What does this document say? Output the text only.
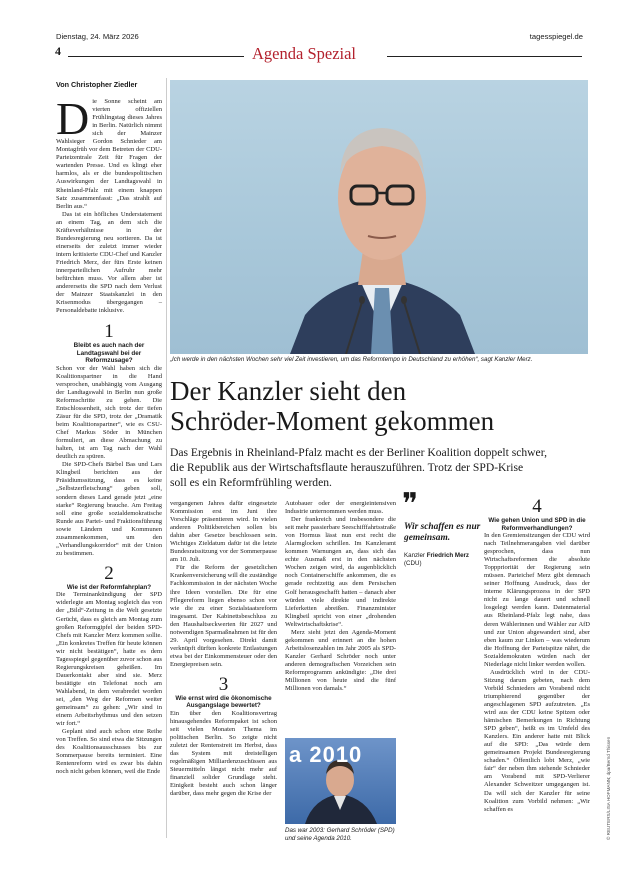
Dienstag, 24. März 2026	tagesspiegel.de
4	Agenda Spezial
Von Christopher Ziedler
D ie Sonne scheint am vierten offiziellen Frühlingstag dieses Jahres in Berlin. Natürlich nimmt sich der Mainzer Wahlsieger Gordon Schnieder am Montagfrüh vor dem Betreten der CDU-Parteizentrale Zeit für Fragen der wartenden Presse. Und es klingt eher harmlos, als er die bundespolitischen Auswirkungen der Landtagswahl in Rheinland-Pfalz mit einem knappen Satz zusammenfasst: „Das strahlt auf Berlin aus.“

Das ist ein höfliches Understatement an einem Tag, an dem sich die Kräfteverhältnisse in der Bundesregierung neu sortieren. Da ist einerseits der zuletzt immer wieder intern kritisierte CDU-Chef und Kanzler Friedrich Merz, der fürs Erste keinen innerparteilichen Aufruhr mehr befürchten muss. Vor allem aber ist andererseits die SPD nach dem Verlust der Mainzer Staatskanzlei in den Krisenmodus übergegangen – Personaldebatte inklusive.

1
Bleibt es auch nach der Landtagswahl bei der Reformzusage?

Schon vor der Wahl haben sich die Koalitionspartner in die Hand versprochen, unabhängig vom Ausgang der Landtagswahl in Berlin nun große Reformschritte zu gehen. Die Entschlossenheit, sich trotz der tiefen Zäsur für die SPD, trotz der „Dramatik beim Koalitionspartner“, wie es CSU-Chef Markus Söder in München formuliert, an diese Abmachung zu halten, ist am Tag nach der Wahl deutlich zu spüren.

Die SPD-Chefs Bärbel Bas und Lars Klingbeil berichten aus der Präsidiumssitzung, dass es keine „Selbstzerfleischung“ geben soll, sondern dieses Land gerade jetzt „eine starke“ Regierung brauche. Am Freitag soll eine große sozialdemokratische Runde aus Partei- und Fraktionsführung sowie Ländern und Kommunen zusammenkommen, um den „Verhandlungskorridor“ mit der Union zu bestimmen.

2
Wie ist der Reformfahrplan?

Die Terminankündigung der SPD widerlegte am Montag sogleich das von der „Bild“-Zeitung in die Welt gesetzte Gerücht, dass es gleich am Montag zum großen Reformgipfel der beiden SPD-Chefs mit Kanzler Merz kommen sollte. „Ein konkretes Treffen für heute können wir nicht bestätigen“, hatte es dem Tagesspiegel gegenüber zuvor schon aus Regierungskreisen geheißen. Im Dauerkontakt aber sind sie. Merz bestätigte ein Telefonat noch am Wahlabend, in dem verabredet worden sei, „den Weg der Reformen weiter gemeinsam“ zu gehen: „Wir sind in einem Arbeitsrhythmus und den setzen wir fort.“

Geplant sind auch schon eine Reihe von Treffen. So sind etwa die Sitzungen des Koalitionsausschusses bis zur Sommerpause bereits terminiert. Eine Rentenreform wird es zwar bis dahin noch nicht geben können, weil die Ende

„Ich werde in den nächsten Wochen sehr viel Zeit investieren, um das Reformtempo in Deutschland zu erhöhen“, sagt Kanzler Merz.
© REUTERS/LISA HOFMANN; dpa/Bernd Thissen
Der Kanzler sieht den
Schröder-Moment gekommen
Das Ergebnis in Rheinland-Pfalz macht es der Berliner Koalition doppelt schwer,
die Republik aus der Wirtschaftsflaute herauszuführen. Trotz der SPD-Krise
soll es ein Reformfrühling werden.

vergangenen Jahres dafür eingesetzte Kommission erst im Juni ihre Vorschläge präsentieren wird. In vielen anderen Politikbereichen sollen bis dahin aber Gesetze beschlossen sein. Wichtiges Zieldatum dafür ist die letzte Bundesratssitzung vor der Sommerpause am 10. Juli.

Für die Reform der gesetzlichen Krankenversicherung will die zuständige Fachkommission in der nächsten Woche ihre Ideen vorstellen. Die für eine Pflegereform liegen ebenso schon vor wie die zu einer Sozialstaatsreform insgesamt. Der Kabinettsbeschluss zu den Haushaltseckwerten für 2027 und notwendigen Sparmaßnahmen ist für den 29. April vorgesehen. Direkt damit verknüpft dürften konkrete Entlastungen etwa bei der Einkommensteuer oder den Energiepreisen sein.

3
Wie ernst wird die ökonomische Ausgangslage bewertet?

Ein über den Koalitionsvertrag hinausgehendes Reformpaket ist schon seit vielen Monaten Thema im politischen Berlin. So zeigte nicht zuletzt der Rentenstreit im Herbst, dass das System mit dreistelligen regelmäßigen Milliardenzuschüssen aus Steuermitteln längst nicht mehr auf finanziell solider Grundlage steht. Einigkeit besteht auch schon länger darüber, dass mehr gegen die Krise der

Autobauer oder der energieintensiven Industrie unternommen werden muss.

Der frankreich und insbesondere die seit mehr passierbare Seeschifffahrtsstraße von Hormus lässt nun erst recht die Alarmglocken schrillen. Im Kanzleramt kommen Warnungen an, dass sich das echte Ausmaß erst in den nächsten Wochen zeigen wird, da augenblicklich noch Containerschiffe ankommen, die es gerade rechtzeitig aus dem Persischen Golf herausgeschafft hatten – danach aber würden viele direkte und indirekte Lieferketten abreißen. Finanzminister Klingbeil spricht von einer „drohenden Weltwirtschaftskrise“.

Merz sieht jetzt den Agenda-Moment gekommen und erinnert an die hohen Arbeitslosenzahlen im Jahr 2005 als SPD-Kanzler Gerhard Schröder noch unter anderen demografischen Vorzeichen sein Reformprogramm ankündigte: „Die drei Millionen von heute sind die fünf Millionen von damals.“

a 2010
Das war 2003: Gerhard Schröder (SPD) und seine Agenda 2010.
❞
Wir schaffen es nur gemeinsam.
Kanzler Friedrich Merz
(CDU)
4
Wie gehen Union und SPD in die Reformverhandlungen?

In den Gremiensitzungen der CDU wird nach Teilnehmerangaben viel darüber gesprochen, dass nun Wirtschaftsreformen die absolute Topppriorität der Regierung sein müssen. Parteichef Merz gibt demnach seiner Hoffnung Ausdruck, dass der interne Klärungsprozess in der SPD nicht zu lange dauert und schnell losgelegt werden kann. Datenmaterial aus Rheinland-Pfalz legt nahe, dass deren Wählerinnen und Wähler zur AfD und zur Union abgewandert sind, aber eben kaum zur Linken – was wiederum die Hoffnung der Parteispitze nährt, die Sozialdemokraten würden nach der Niederlage nicht linker werden wollen.

Ausdrücklich wird in der CDU-Sitzung darum gebeten, nach dem Vorbild Schnieders am Vorabend nicht triumphierend gegenüber der angeschlagenen SPD aufzutreten. „Es wird aus der CDU keine Spitzen oder hämischen Bemerkungen in Richtung SPD geben“, heißt es im Umfeld des Kanzlers. Ein anderer hatte mit Blick auf die SPD: „Das würde dem gemeinsamen Projekt Bundesregierung schaden.“ Öffentlich lobt Merz, „wie fair“ der neben ihm stehende Schnieder am Vorabend mit SPD-Verlierer Alexander Schweitzer umgegangen ist. Da will sich der Kanzler für seine Koalition zum Vorbild nehmen: „Wir schaffen es
